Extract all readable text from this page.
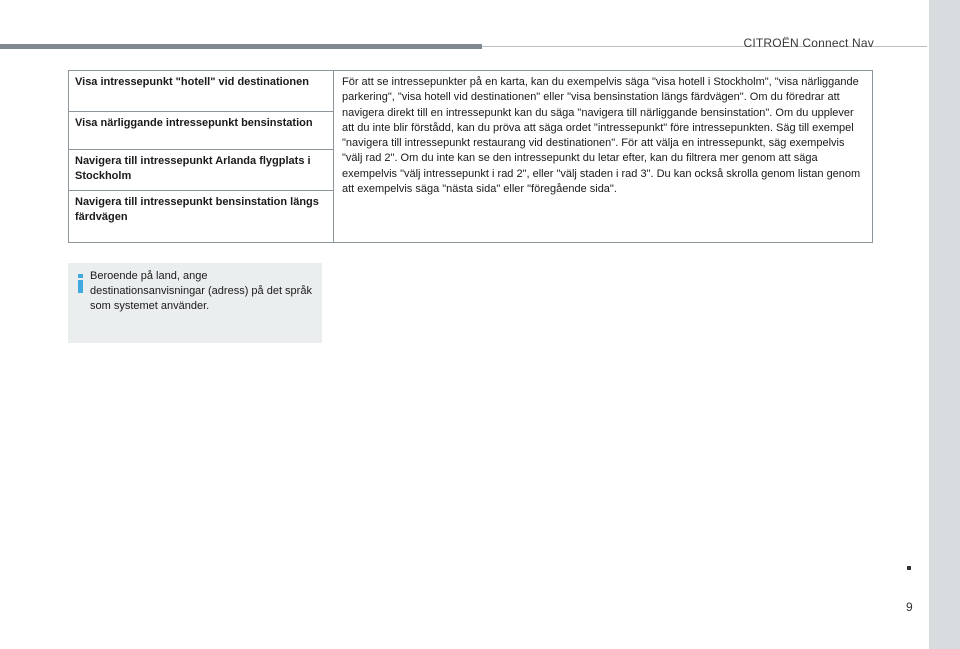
CITROËN Connect Nav
Visa intressepunkt "hotell" vid destinationen
Visa närliggande intressepunkt bensinstation
Navigera till intressepunkt Arlanda flygplats i Stockholm
Navigera till intressepunkt bensinstation längs färdvägen
För att se intressepunkter på en karta, kan du exempelvis säga "visa hotell i Stockholm", "visa närliggande parkering", "visa hotell vid destinationen" eller "visa bensinstation längs färdvägen". Om du föredrar att navigera direkt till en intressepunkt kan du säga "navigera till närliggande bensinstation". Om du upplever att du inte blir förstådd, kan du pröva att säga ordet "intressepunkt" före intressepunkten. Säg till exempel "navigera till intressepunkt restaurang vid destinationen". För att välja en intressepunkt, säg exempelvis "välj rad 2". Om du inte kan se den intressepunkt du letar efter, kan du filtrera mer genom att säga exempelvis "välj intressepunkt i rad 2", eller "välj staden i rad 3". Du kan också skrolla genom listan genom att exempelvis säga "nästa sida" eller "föregående sida".
Beroende på land, ange destinationsanvisningar (adress) på det språk som systemet använder.
9
